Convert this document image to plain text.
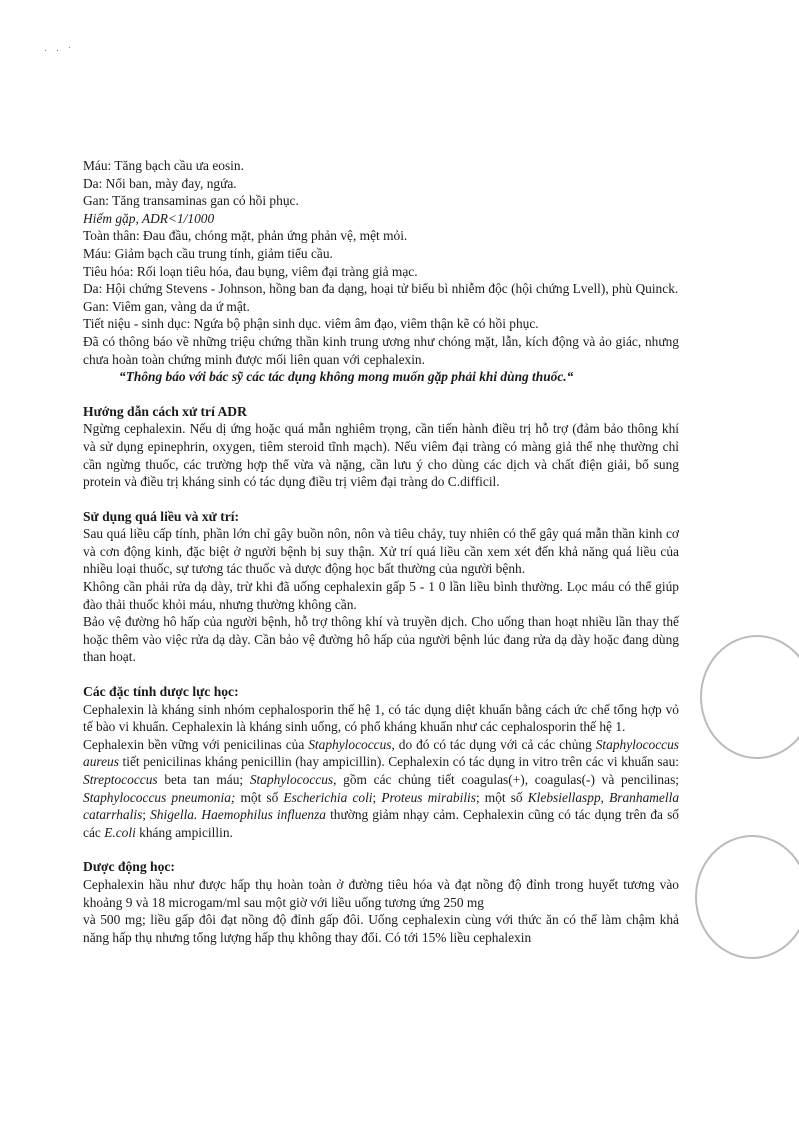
· · ˙

Máu: Tăng bạch cầu ưa eosin.

Da: Nổi ban, mày đay, ngứa.

Gan: Tăng transaminas gan có hồi phục.

Hiếm gặp, ADR<1/1000

Toàn thân: Đau đầu, chóng mặt, phản ứng phản vệ, mệt mỏi.

Máu: Giảm bạch cầu trung tính, giảm tiểu cầu.

Tiêu hóa: Rối loạn tiêu hóa, đau bụng, viêm đại tràng giả mạc.

Da: Hội chứng Stevens - Johnson, hồng ban đa dạng, hoại tử biểu bì nhiễm độc (hội chứng Lvell), phù Quinck.

Gan: Viêm gan, vàng da ứ mật.

Tiết niệu - sinh dục: Ngứa bộ phận sinh dục. viêm âm đạo, viêm thận kẽ có hồi phục.

Đã có thông báo về những triệu chứng thần kinh trung ương như chóng mặt, lẫn, kích động và ảo giác, nhưng chưa hoàn toàn chứng minh được mối liên quan với cephalexin.

“Thông báo với bác sỹ các tác dụng không mong muốn gặp phải khi dùng thuốc.“

Hướng dẫn cách xử trí ADR

Ngừng cephalexin. Nếu dị ứng hoặc quá mẫn nghiêm trọng, cần tiến hành điều trị hỗ trợ (đảm bảo thông khí và sử dụng epinephrin, oxygen, tiêm steroid tĩnh mạch). Nếu viêm đại tràng có màng giả thể nhẹ thường chỉ cần ngừng thuốc, các trường hợp thể vừa và nặng, cần lưu ý cho dùng các dịch và chất điện giải, bổ sung protein và điều trị kháng sinh có tác dụng điều trị viêm đại tràng do C.difficil.

Sử dụng quá liều và xử trí:

Sau quá liều cấp tính, phần lớn chỉ gây buồn nôn, nôn và tiêu chảy, tuy nhiên có thể gây quá mẫn thần kinh cơ và cơn động kinh, đặc biệt ở người bệnh bị suy thận. Xử trí quá liều cần xem xét đến khả năng quá liều của nhiều loại thuốc, sự tương tác thuốc và dược động học bất thường của người bệnh.

Không cần phải rửa dạ dày, trừ khi đã uống cephalexin gấp 5 - 1 0 lần liều bình thường. Lọc máu có thể giúp đào thải thuốc khỏi máu, nhưng thường không cần.

Bảo vệ đường hô hấp của người bệnh, hỗ trợ thông khí và truyền dịch. Cho uống than hoạt nhiều lần thay thế hoặc thêm vào việc rửa dạ dày. Cần bảo vệ đường hô hấp của người bệnh lúc đang rửa dạ dày hoặc đang dùng than hoạt.

Các đặc tính dược lực học:

Cephalexin là kháng sinh nhóm cephalosporin thế hệ 1, có tác dụng diệt khuẩn bằng cách ức chế tổng hợp vỏ tế bào vi khuẩn. Cephalexin là kháng sinh uống, có phổ kháng khuẩn như các cephalosporin thế hệ 1.

Cephalexin bền vững với penicilinas của Staphylococcus, do đó có tác dụng với cả các chủng Staphylococcus aureus tiết penicilinas kháng penicillin (hay ampicillin). Cephalexin có tác dụng in vitro trên các vi khuẩn sau: Streptococcus beta tan máu; Staphylococcus, gồm các chủng tiết coagulas(+), coagulas(-) và pencilinas; Staphylococcus pneumonia; một số Escherichia coli; Proteus mirabilis; một số Klebsiellaspp, Branhamella catarrhalis; Shigella. Haemophilus influenza thường giảm nhạy cảm. Cephalexin cũng có tác dụng trên đa số các E.coli kháng ampicillin.

Dược động học:

Cephalexin hầu như được hấp thụ hoàn toàn ở đường tiêu hóa và đạt nồng độ đỉnh trong huyết tương vào khoảng 9 và 18 microgam/ml sau một giờ với liều uống tương ứng 250 mg

và 500 mg; liều gấp đôi đạt nồng độ đỉnh gấp đôi. Uống cephalexin cùng với thức ăn có thể làm chậm khả năng hấp thụ nhưng tổng lượng hấp thụ không thay đổi. Có tới 15% liều cephalexin
